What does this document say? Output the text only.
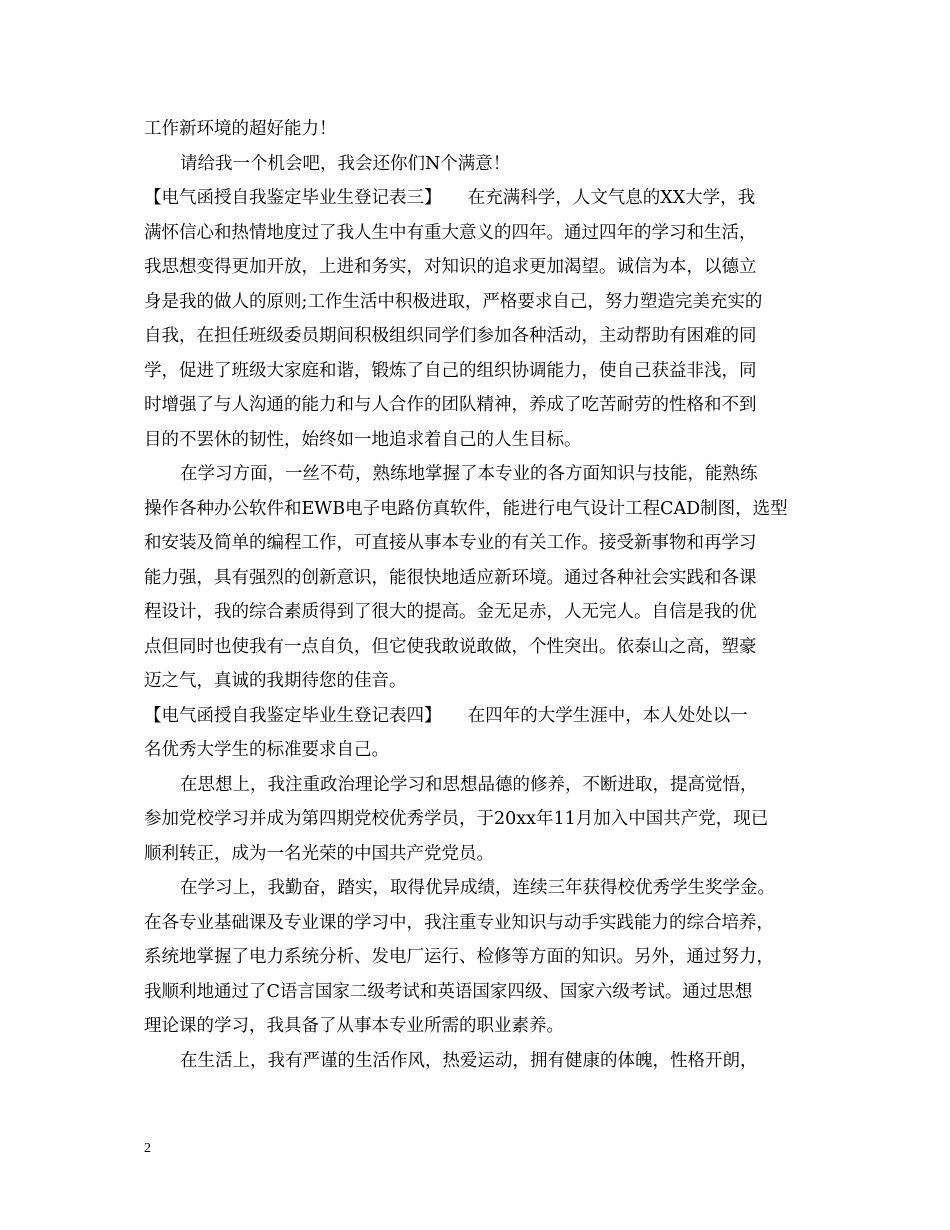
工作新环境的超好能力！
请给我一个机会吧，我会还你们N个满意！
【电气函授自我鉴定毕业生登记表三】　　在充满科学，人文气息的XX大学，我
满怀信心和热情地度过了我人生中有重大意义的四年。通过四年的学习和生活，
我思想变得更加开放，上进和务实，对知识的追求更加渴望。诚信为本，以德立
身是我的做人的原则;工作生活中积极进取，严格要求自己，努力塑造完美充实的
自我，在担任班级委员期间积极组织同学们参加各种活动，主动帮助有困难的同
学，促进了班级大家庭和谐，锻炼了自己的组织协调能力，使自己获益非浅，同
时增强了与人沟通的能力和与人合作的团队精神，养成了吃苦耐劳的性格和不到
目的不罢休的韧性，始终如一地追求着自己的人生目标。
在学习方面，一丝不苟，熟练地掌握了本专业的各方面知识与技能，能熟练
操作各种办公软件和EWB电子电路仿真软件，能进行电气设计工程CAD制图，选型
和安装及简单的编程工作，可直接从事本专业的有关工作。接受新事物和再学习
能力强，具有强烈的创新意识，能很快地适应新环境。通过各种社会实践和各课
程设计，我的综合素质得到了很大的提高。金无足赤，人无完人。自信是我的优
点但同时也使我有一点自负，但它使我敢说敢做，个性突出。依泰山之高，塑豪
迈之气，真诚的我期待您的佳音。
【电气函授自我鉴定毕业生登记表四】　　在四年的大学生涯中，本人处处以一
名优秀大学生的标准要求自己。
在思想上，我注重政治理论学习和思想品德的修养，不断进取，提高觉悟，
参加党校学习并成为第四期党校优秀学员，于20xx年11月加入中国共产党，现已
顺利转正，成为一名光荣的中国共产党党员。
在学习上，我勤奋，踏实，取得优异成绩，连续三年获得校优秀学生奖学金。
在各专业基础课及专业课的学习中，我注重专业知识与动手实践能力的综合培养，
系统地掌握了电力系统分析、发电厂运行、检修等方面的知识。另外，通过努力，
我顺利地通过了C语言国家二级考试和英语国家四级、国家六级考试。通过思想
理论课的学习，我具备了从事本专业所需的职业素养。
在生活上，我有严谨的生活作风，热爱运动，拥有健康的体魄，性格开朗，
2
